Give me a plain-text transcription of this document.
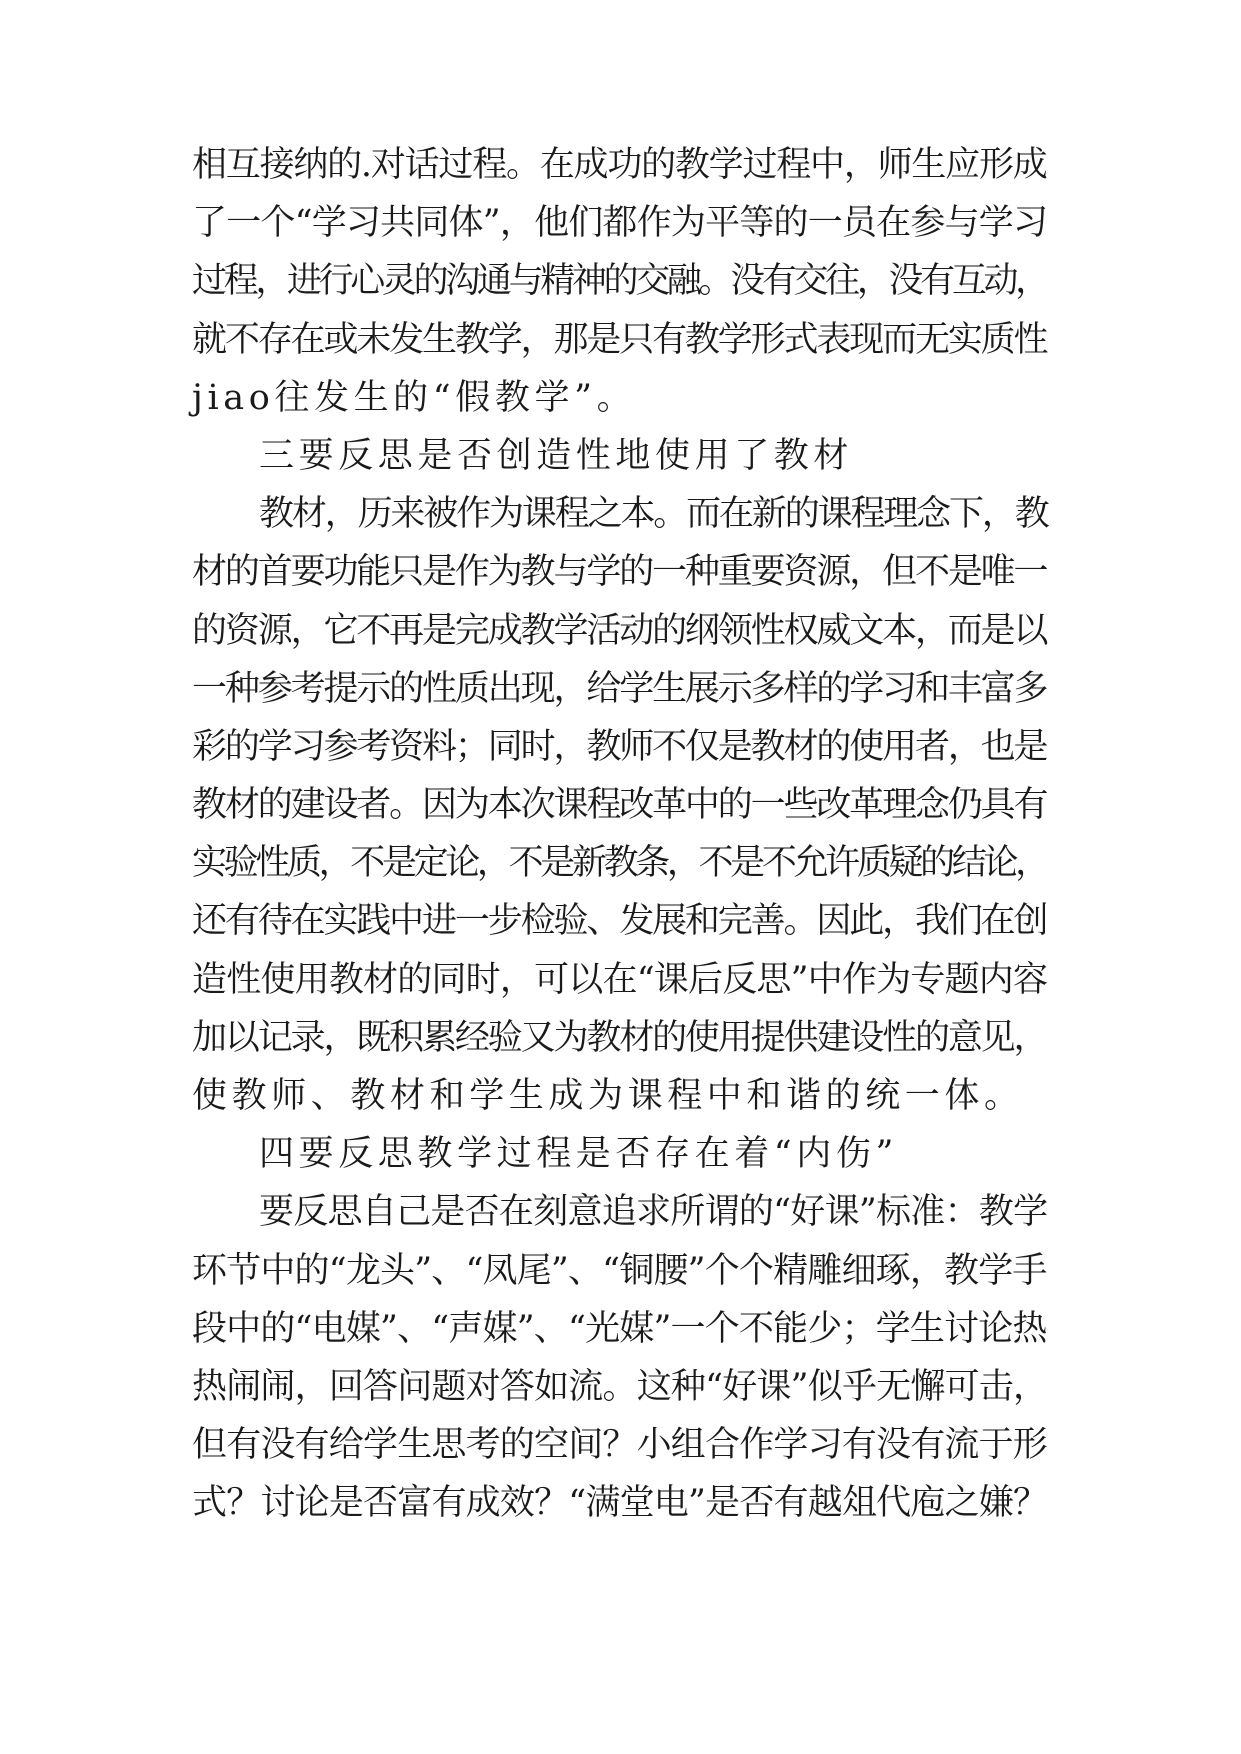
相互接纳的.对话过程。在成功的教学过程中，师生应形成
了一个“学习共同体”，他们都作为平等的一员在参与学习
过程，进行心灵的沟通与精神的交融。没有交往，没有互动，
就不存在或未发生教学，那是只有教学形式表现而无实质性
jiao往发生的“假教学”。
三要反思是否创造性地使用了教材
教材，历来被作为课程之本。而在新的课程理念下，教
材的首要功能只是作为教与学的一种重要资源，但不是唯一
的资源，它不再是完成教学活动的纲领性权威文本，而是以
一种参考提示的性质出现，给学生展示多样的学习和丰富多
彩的学习参考资料；同时，教师不仅是教材的使用者，也是
教材的建设者。因为本次课程改革中的一些改革理念仍具有
实验性质，不是定论，不是新教条，不是不允许质疑的结论，
还有待在实践中进一步检验、发展和完善。因此，我们在创
造性使用教材的同时，可以在“课后反思”中作为专题内容
加以记录，既积累经验又为教材的使用提供建设性的意见，
使教师、教材和学生成为课程中和谐的统一体。
四要反思教学过程是否存在着“内伤”
要反思自己是否在刻意追求所谓的“好课”标准：教学
环节中的“龙头”、“凤尾”、“铜腰”个个精雕细琢，教学手
段中的“电媒”、“声媒”、“光媒”一个不能少；学生讨论热
热闹闹，回答问题对答如流。这种“好课”似乎无懈可击，
但有没有给学生思考的空间？小组合作学习有没有流于形
式？讨论是否富有成效？“满堂电”是否有越俎代庖之嫌？
